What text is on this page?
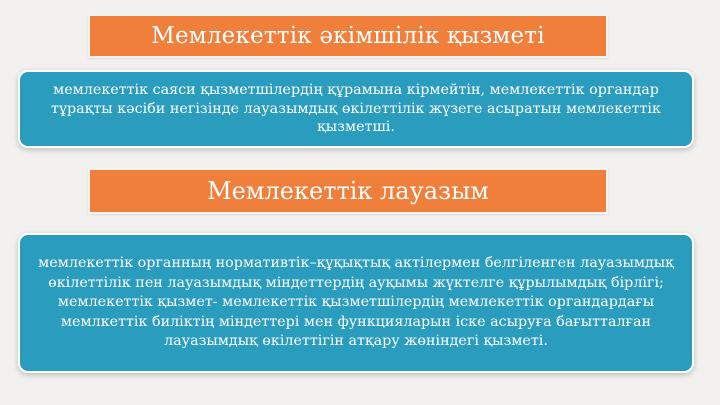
Мемлекеттік әкімшілік қызметі
мемлекеттік саяси қызметшілердің құрамына кірмейтін, мемлекеттік органдар тұрақты кәсіби негізінде лауазымдық өкілеттілік жүзеге асыратын мемлекеттік қызметші.
Мемлекеттік лауазым
мемлекеттік органның нормативтік–құқықтық актілермен белгіленген лауазымдық өкілеттілік пен лауазымдық міндеттердің ауқымы жүктелге құрылымдық бірлігі; мемлекеттік қызмет- мемлекеттік қызметшілердің мемлекеттік органдардағы мемлкеттік биліктің міндеттері мен функцияларын іске асыруға бағытталған лауазымдық өкілеттігін атқару жөніндегі қызметі.
